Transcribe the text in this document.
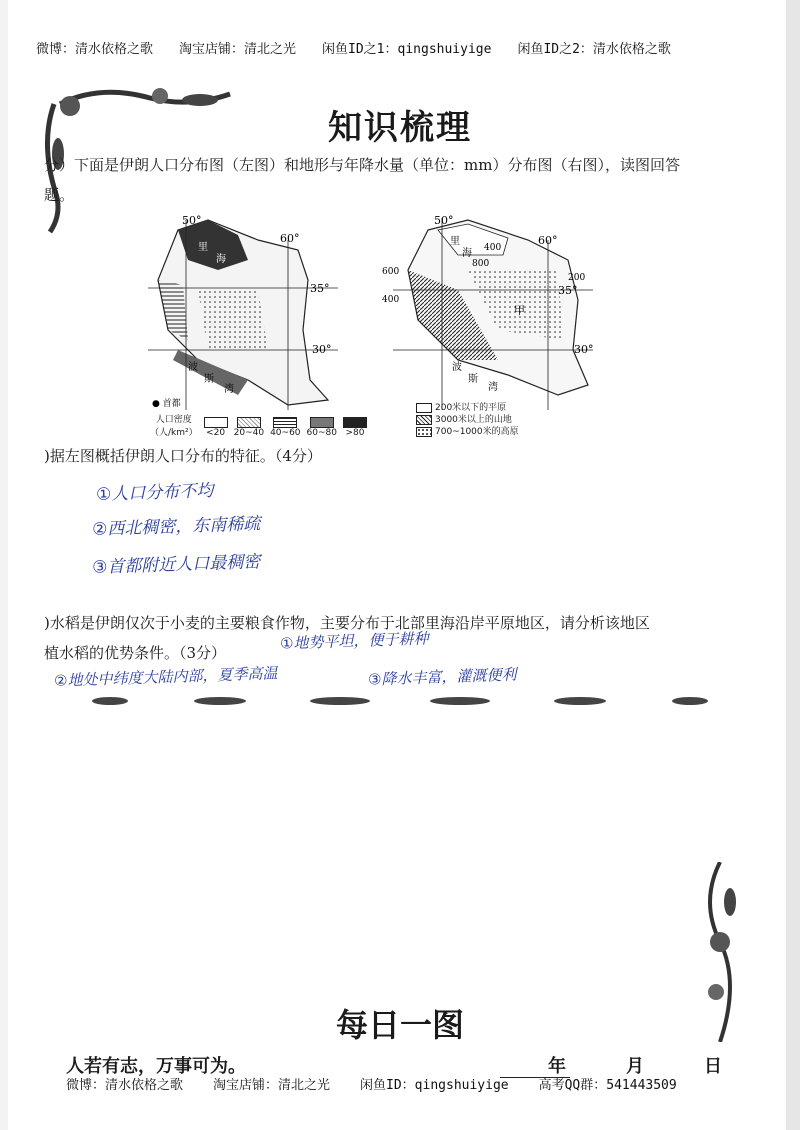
微博：清水依格之歌 淘宝店铺：清北之光 闲鱼ID之1：qingshuiyige 闲鱼ID之2：清水依格之歌
知识梳理
分）下面是伊朗人口分布图（左图）和地形与年降水量（单位：mm）分布图（右图），读图回答
题。
50°
60°
35°
30°
里
海
波
斯
湾
● 首都
50°
60°
35°
30°
里
海 400
800
600
400
200
甲
波
斯
湾
人口密度
（人/km²） <20 20~40 40~60 60~80 >80
200米以下的平原
3000米以上的山地
700~1000米的高原
)据左图概括伊朗人口分布的特征。（4分）
①人口分布不均
②西北稠密，东南稀疏
③首都附近人口最稠密
)水稻是伊朗仅次于小麦的主要粮食作物，主要分布于北部里海沿岸平原地区，请分析该地区
植水稻的优势条件。（3分）
①地势平坦，便于耕种
②地处中纬度大陆内部，夏季高温	③降水丰富，灌溉便利
每日一图
人若有志，万事可为。	年	月	日
微博：清水依格之歌 淘宝店铺：清北之光 闲鱼ID：qingshuiyige 高考QQ群：541443509
